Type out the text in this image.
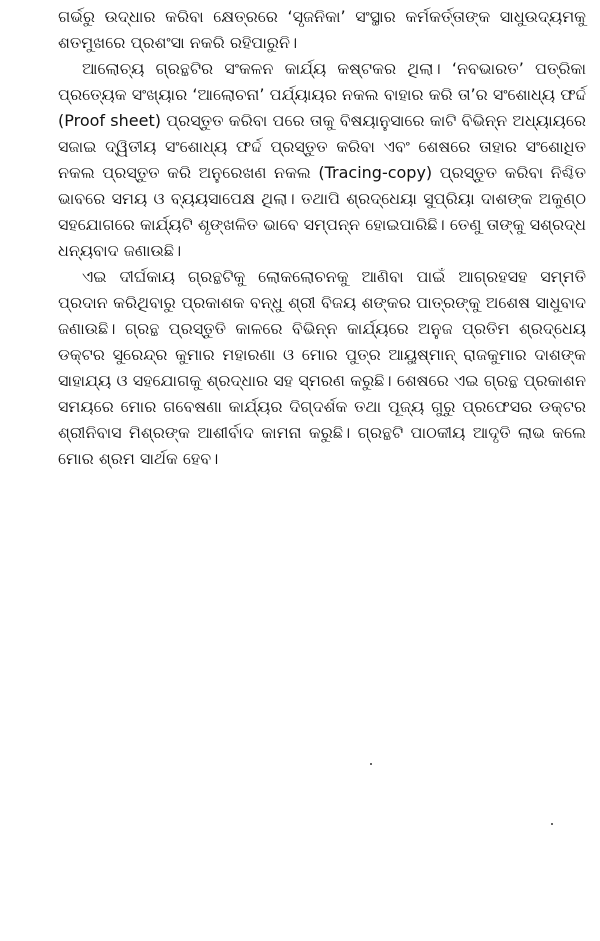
ଗର୍ଭରୁ ଉଦ୍ଧାର କରିବା କ୍ଷେତ୍ରରେ ‘ସୃଜନିକା’ ସଂସ୍ଥାର କର୍ମକର୍ତ୍ତାଙ୍କ ସାଧୁଉଦ୍ୟମକୁ ଶତମୁଖରେ ପ୍ରଶଂସା ନକରି ରହିପାରୁନି।

ଆଲୋଚ୍ୟ ଗ୍ରନ୍ଥଟିର ସଂକଳନ କାର୍ଯ୍ୟ କଷ୍ଟକର ଥିଲା। ‘ନବଭାରତ’ ପତ୍ରିକା ପ୍ରତ୍ୟେକ ସଂଖ୍ୟାର ‘ଆଲୋଚନା’ ପର୍ଯ୍ୟାୟର ନକଲ ବାହାର କରି ତା’ର ସଂଶୋଧ୍ୟ ଫର୍ଦ୍ଦ (Proof sheet) ପ୍ରସ୍ତୁତ କରିବା ପରେ ତାକୁ ବିଷୟାନୁସାରେ କାଟି ବିଭିନ୍ନ ଅଧ୍ୟାୟରେ ସଜାଇ ଦ୍ୱିତୀୟ ସଂଶୋଧ୍ୟ ଫର୍ଦ୍ଦ ପ୍ରସ୍ତୁତ କରିବା ଏବଂ ଶେଷରେ ତାହାର ସଂଶୋଧିତ ନକଲ ପ୍ରସ୍ତୁତ କରି ଅନୁରେଖଣ ନକଲ (Tracing-copy) ପ୍ରସ୍ତୁତ କରିବା ନିଶ୍ଚିତ ଭାବରେ ସମୟ ଓ ବ୍ୟୟସାପେକ୍ଷ ଥିଲା। ତଥାପି ଶ୍ରଦ୍ଧେୟା ସୁପ୍ରିୟା ଦାଶଙ୍କ ଅକୁଣ୍ଠ ସହଯୋଗରେ କାର୍ଯ୍ୟଟି ଶୃଙ୍ଖଳିତ ଭାବେ ସମ୍ପନ୍ନ ହୋଇପାରିଛି। ତେଣୁ ତାଙ୍କୁ ସଶ୍ରଦ୍ଧ ଧନ୍ୟବାଦ ଜଣାଉଛି।

ଏଇ ଦୀର୍ଘକାୟ ଗ୍ରନ୍ଥଟିକୁ ଲୋକଲୋଚନକୁ ଆଣିବା ପାଇଁ ଆଗ୍ରହସହ ସମ୍ମତି ପ୍ରଦାନ କରିଥିବାରୁ ପ୍ରକାଶକ ବନ୍ଧୁ ଶ୍ରୀ ବିଜୟ ଶଙ୍କର ପାତ୍ରଙ୍କୁ ଅଶେଷ ସାଧୁବାଦ ଜଣାଉଛି। ଗ୍ରନ୍ଥ ପ୍ରସ୍ତୁତି କାଳରେ ବିଭିନ୍ନ କାର୍ଯ୍ୟରେ ଅନୁଜ ପ୍ରତିମ ଶ୍ରଦ୍ଧେୟ ଡକ୍ଟର ସୁରେନ୍ଦ୍ର କୁମାର ମହାରଣା ଓ ମୋର ପୁତ୍ର ଆୟୁଷ୍ମାନ୍ ରାଜକୁମାର ଦାଶଙ୍କ ସାହାଯ୍ୟ ଓ ସହଯୋଗକୁ ଶ୍ରଦ୍ଧାର ସହ ସ୍ମରଣ କରୁଛି। ଶେଷରେ ଏଇ ଗ୍ରନ୍ଥ ପ୍ରକାଶନ ସମୟରେ ମୋର ଗବେଷଣା କାର୍ଯ୍ୟର ଦିଗ୍‌ଦର୍ଶକ ତଥା ପୂଜ୍ୟ ଗୁରୁ ପ୍ରଫେସର ଡକ୍ଟର ଶ୍ରୀନିବାସ ମିଶ୍ରଙ୍କ ଆଶୀର୍ବାଦ କାମନା କରୁଛି। ଗ୍ରନ୍ଥଟି ପାଠକୀୟ ଆଦୃତି ଲାଭ କଲେ ମୋର ଶ୍ରମ ସାର୍ଥକ ହେବ।
